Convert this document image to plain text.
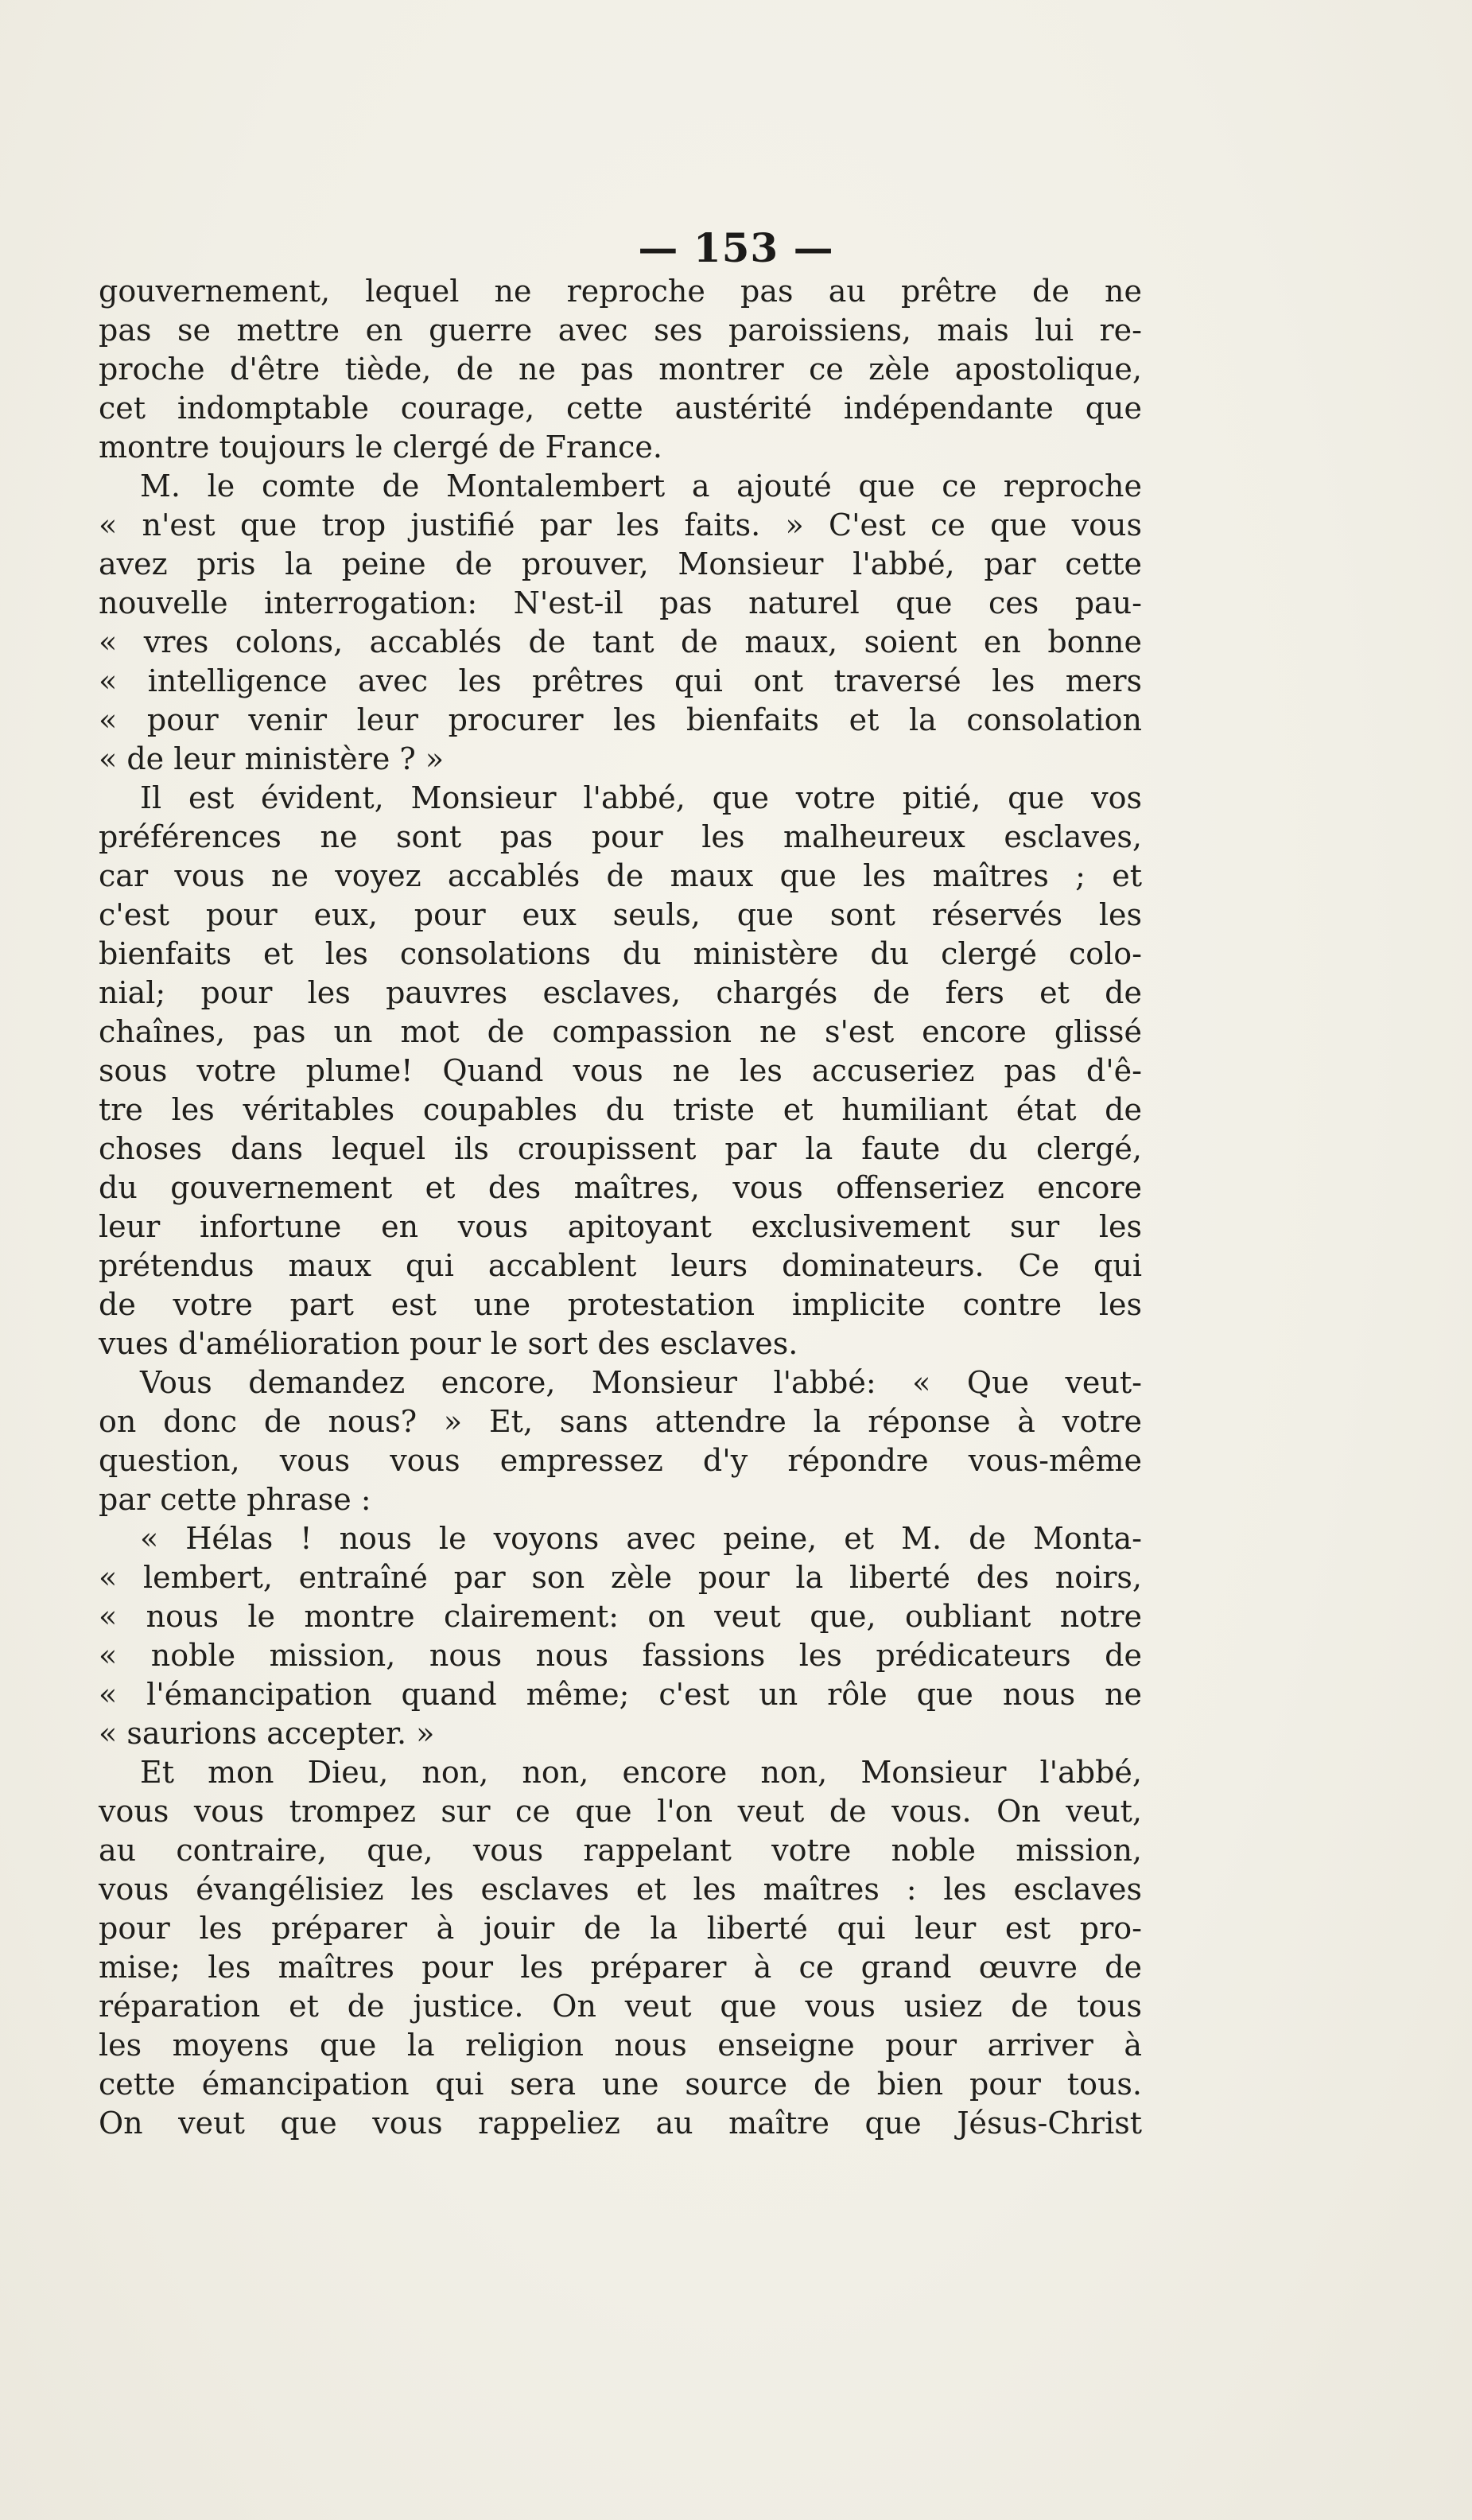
— 153 —
gouvernement, lequel ne reproche pas au prêtre de ne
pas se mettre en guerre avec ses paroissiens, mais lui re-
proche d'être tiède, de ne pas montrer ce zèle apostolique,
cet indomptable courage, cette austérité indépendante que
montre toujours le clergé de France.
M. le comte de Montalembert a ajouté que ce reproche
« n'est que trop justifié par les faits. » C'est ce que vous
avez pris la peine de prouver, Monsieur l'abbé, par cette
nouvelle interrogation: N'est-il pas naturel que ces pau-
« vres colons, accablés de tant de maux, soient en bonne
« intelligence avec les prêtres qui ont traversé les mers
« pour venir leur procurer les bienfaits et la consolation
« de leur ministère ? »
Il est évident, Monsieur l'abbé, que votre pitié, que vos
préférences ne sont pas pour les malheureux esclaves,
car vous ne voyez accablés de maux que les maîtres ; et
c'est pour eux, pour eux seuls, que sont réservés les
bienfaits et les consolations du ministère du clergé colo-
nial; pour les pauvres esclaves, chargés de fers et de
chaînes, pas un mot de compassion ne s'est encore glissé
sous votre plume! Quand vous ne les accuseriez pas d'ê-
tre les véritables coupables du triste et humiliant état de
choses dans lequel ils croupissent par la faute du clergé,
du gouvernement et des maîtres, vous offenseriez encore
leur infortune en vous apitoyant exclusivement sur les
prétendus maux qui accablent leurs dominateurs. Ce qui
de votre part est une protestation implicite contre les
vues d'amélioration pour le sort des esclaves.
Vous demandez encore, Monsieur l'abbé: « Que veut-
on donc de nous? » Et, sans attendre la réponse à votre
question, vous vous empressez d'y répondre vous-même
par cette phrase :
« Hélas ! nous le voyons avec peine, et M. de Monta-
« lembert, entraîné par son zèle pour la liberté des noirs,
« nous le montre clairement: on veut que, oubliant notre
« noble mission, nous nous fassions les prédicateurs de
« l'émancipation quand même; c'est un rôle que nous ne
« saurions accepter. »
Et mon Dieu, non, non, encore non, Monsieur l'abbé,
vous vous trompez sur ce que l'on veut de vous. On veut,
au contraire, que, vous rappelant votre noble mission,
vous évangélisiez les esclaves et les maîtres : les esclaves
pour les préparer à jouir de la liberté qui leur est pro-
mise; les maîtres pour les préparer à ce grand œuvre de
réparation et de justice. On veut que vous usiez de tous
les moyens que la religion nous enseigne pour arriver à
cette émancipation qui sera une source de bien pour tous.
On veut que vous rappeliez au maître que Jésus-Christ
